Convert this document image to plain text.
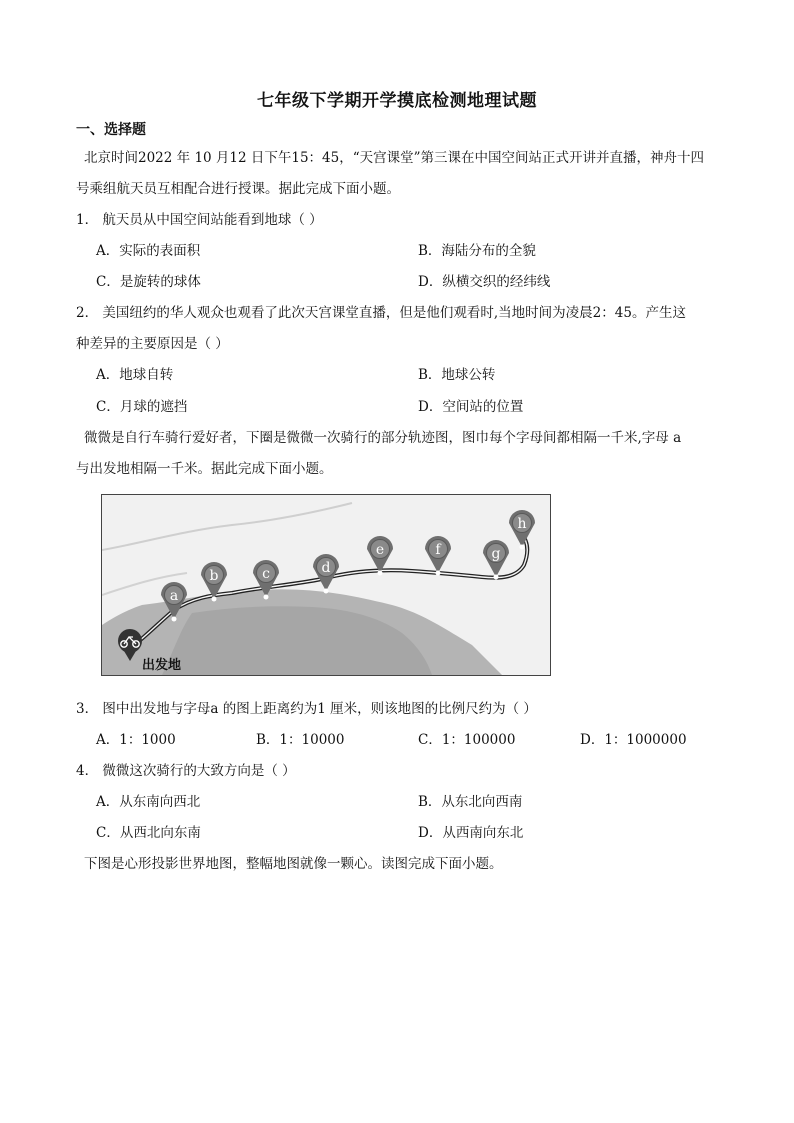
七年级下学期开学摸底检测地理试题
一、选择题
北京时间2022 年 10 月12 日下午15：45，“天宫课堂”第三课在中国空间站正式开讲并直播，神舟十四
号乘组航天员互相配合进行授课。据此完成下面小题。
1． 航天员从中国空间站能看到地球（ ）
A．实际的表面积	B．海陆分布的全貌
C．是旋转的球体	D．纵横交织的经纬线
2． 美国纽约的华人观众也观看了此次天宫课堂直播，但是他们观看时,当地时间为凌晨2：45。产生这
种差异的主要原因是（ ）
A．地球自转	B．地球公转
C．月球的遮挡	D．空间站的位置
微微是自行车骑行爱好者，下圈是微微一次骑行的部分轨迹图，图巾每个字母间都相隔一千米,字母 a
与出发地相隔一千米。据此完成下面小题。
a
b	c	d
e	f	g
h
出发地
3． 图中出发地与字母a 的图上距离约为1 厘米，则该地图的比例尺约为（ ）
A．1：1000	B．1：10000	C．1：100000	D．1：1000000
4． 微微这次骑行的大致方向是（ ）
A．从东南向西北	B．从东北向西南
C．从西北向东南	D．从西南向东北
下图是心形投影世界地图，整幅地图就像一颗心。读图完成下面小题。
